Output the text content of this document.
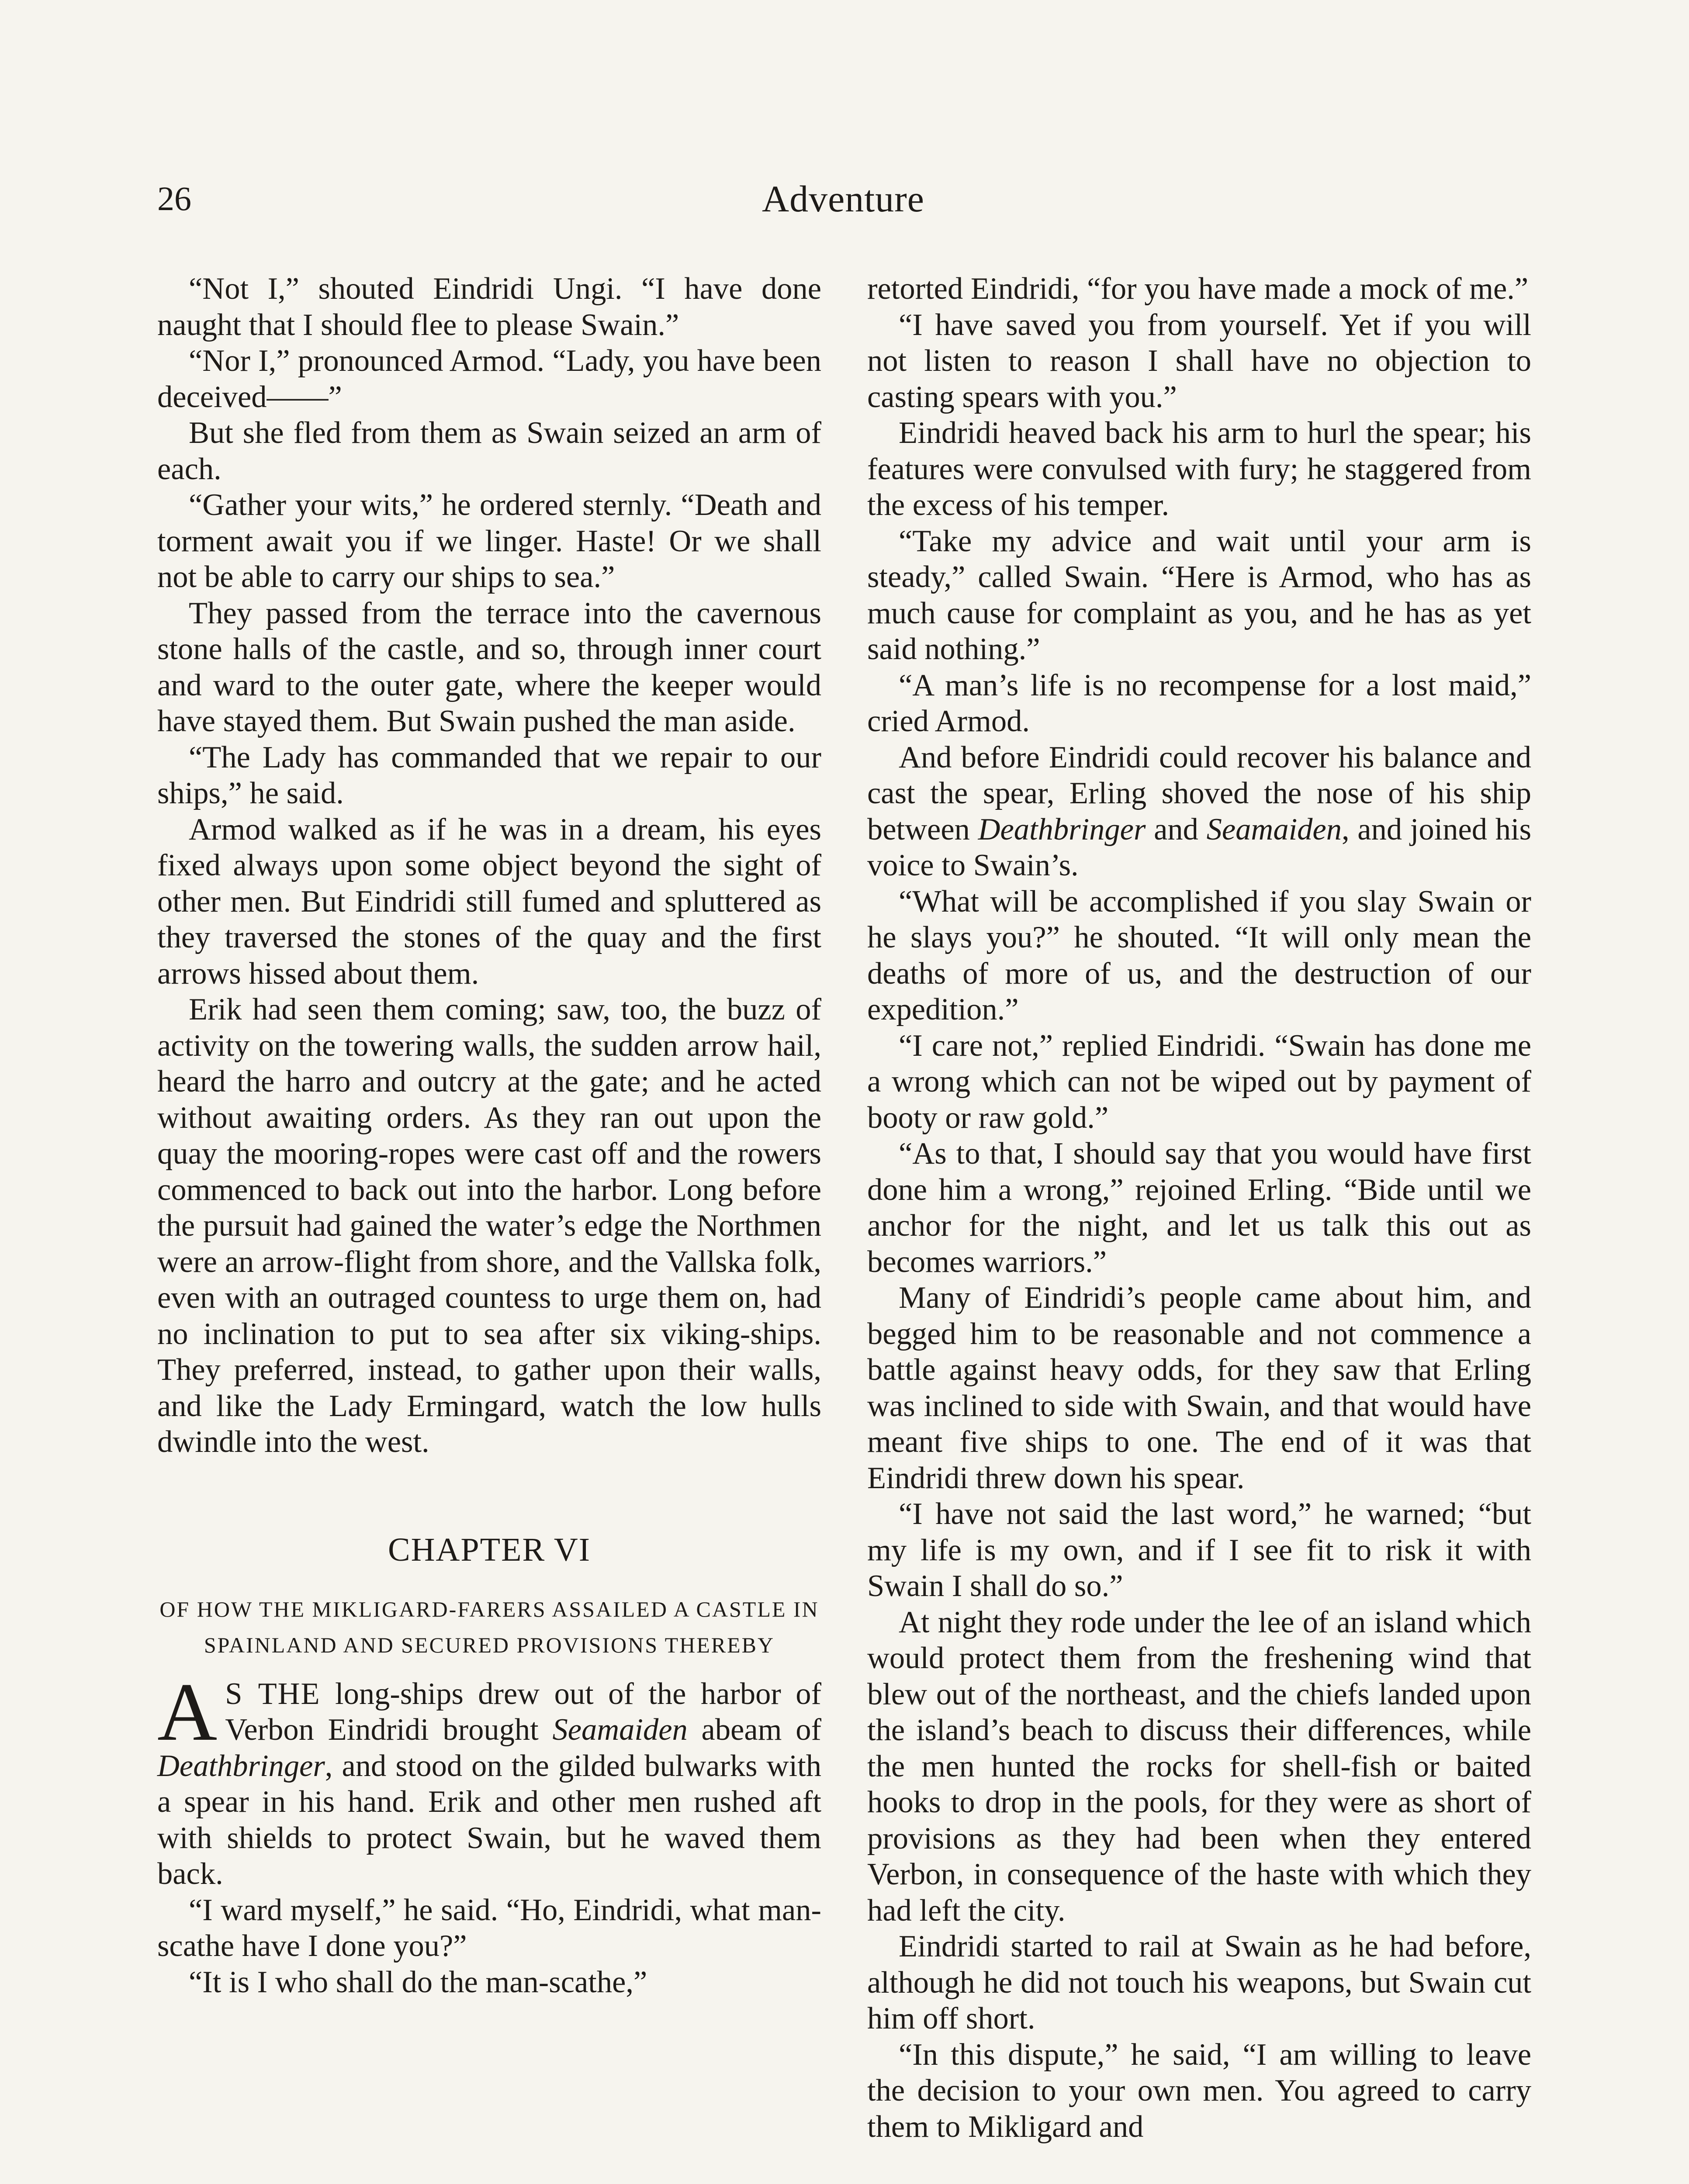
26	Adventure

“Not I,” shouted Eindridi Ungi. “I have done naught that I should flee to please Swain.”

“Nor I,” pronounced Armod. “Lady, you have been deceived——”

But she fled from them as Swain seized an arm of each.

“Gather your wits,” he ordered sternly. “Death and torment await you if we linger. Haste! Or we shall not be able to carry our ships to sea.”

They passed from the terrace into the cavernous stone halls of the castle, and so, through inner court and ward to the outer gate, where the keeper would have stayed them. But Swain pushed the man aside.

“The Lady has commanded that we repair to our ships,” he said.

Armod walked as if he was in a dream, his eyes fixed always upon some object beyond the sight of other men. But Eindridi still fumed and spluttered as they traversed the stones of the quay and the first arrows hissed about them.

Erik had seen them coming; saw, too, the buzz of activity on the towering walls, the sudden arrow hail, heard the harro and outcry at the gate; and he acted without awaiting orders. As they ran out upon the quay the mooring-ropes were cast off and the rowers commenced to back out into the harbor. Long before the pursuit had gained the water’s edge the Northmen were an arrow-flight from shore, and the Vallska folk, even with an outraged countess to urge them on, had no inclination to put to sea after six viking-ships. They preferred, instead, to gather upon their walls, and like the Lady Ermingard, watch the low hulls dwindle into the west.

CHAPTER VI
OF HOW THE MIKLIGARD-FARERS ASSAILED A CASTLE IN SPAINLAND AND SECURED PROVISIONS THEREBY

A S THE long-ships drew out of the harbor of Verbon Eindridi brought Seamaiden abeam of Deathbringer, and stood on the gilded bulwarks with a spear in his hand. Erik and other men rushed aft with shields to protect Swain, but he waved them back.

“I ward myself,” he said. “Ho, Eindridi, what man-scathe have I done you?”

“It is I who shall do the man-scathe,”

retorted Eindridi, “for you have made a mock of me.”

“I have saved you from yourself. Yet if you will not listen to reason I shall have no objection to casting spears with you.”

Eindridi heaved back his arm to hurl the spear; his features were convulsed with fury; he staggered from the excess of his temper.

“Take my advice and wait until your arm is steady,” called Swain. “Here is Armod, who has as much cause for complaint as you, and he has as yet said nothing.”

“A man’s life is no recompense for a lost maid,” cried Armod.

And before Eindridi could recover his balance and cast the spear, Erling shoved the nose of his ship between Deathbringer and Seamaiden, and joined his voice to Swain’s.

“What will be accomplished if you slay Swain or he slays you?” he shouted. “It will only mean the deaths of more of us, and the destruction of our expedition.”

“I care not,” replied Eindridi. “Swain has done me a wrong which can not be wiped out by payment of booty or raw gold.”

“As to that, I should say that you would have first done him a wrong,” rejoined Erling. “Bide until we anchor for the night, and let us talk this out as becomes warriors.”

Many of Eindridi’s people came about him, and begged him to be reasonable and not commence a battle against heavy odds, for they saw that Erling was inclined to side with Swain, and that would have meant five ships to one. The end of it was that Eindridi threw down his spear.

“I have not said the last word,” he warned; “but my life is my own, and if I see fit to risk it with Swain I shall do so.”

At night they rode under the lee of an island which would protect them from the freshening wind that blew out of the northeast, and the chiefs landed upon the island’s beach to discuss their differences, while the men hunted the rocks for shell-fish or baited hooks to drop in the pools, for they were as short of provisions as they had been when they entered Verbon, in consequence of the haste with which they had left the city.

Eindridi started to rail at Swain as he had before, although he did not touch his weapons, but Swain cut him off short.

“In this dispute,” he said, “I am willing to leave the decision to your own men. You agreed to carry them to Mikligard and
